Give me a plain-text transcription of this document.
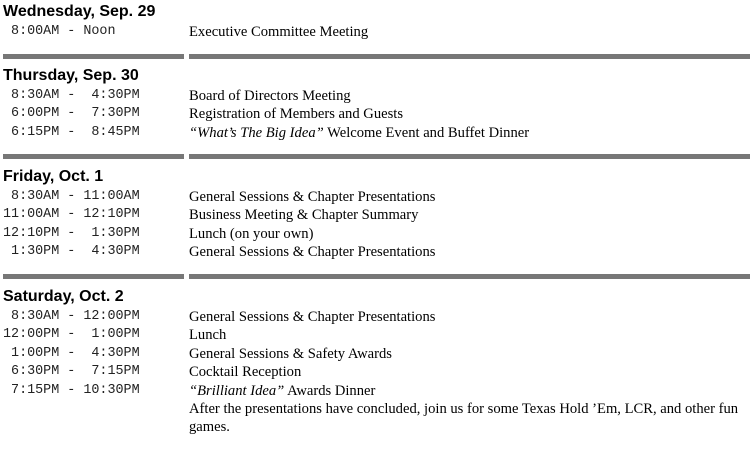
Wednesday, Sep. 29
8:00AM - Noon	Executive Committee Meeting
Thursday, Sep. 30
8:30AM -  4:30PM	Board of Directors Meeting
6:00PM -  7:30PM	Registration of Members and Guests
6:15PM -  8:45PM	“What’s The Big Idea” Welcome Event and Buffet Dinner
Friday, Oct. 1
8:30AM - 11:00AM	General Sessions & Chapter Presentations
11:00AM - 12:10PM	Business Meeting & Chapter Summary
12:10PM -  1:30PM	Lunch (on your own)
1:30PM -  4:30PM	General Sessions & Chapter Presentations
Saturday, Oct. 2
8:30AM - 12:00PM	General Sessions & Chapter Presentations
12:00PM -  1:00PM	Lunch
1:00PM -  4:30PM	General Sessions & Safety Awards
6:30PM -  7:15PM	Cocktail Reception
7:15PM - 10:30PM	“Brilliant Idea” Awards Dinner
After the presentations have concluded, join us for some Texas Hold ’Em, LCR, and other fun games.
